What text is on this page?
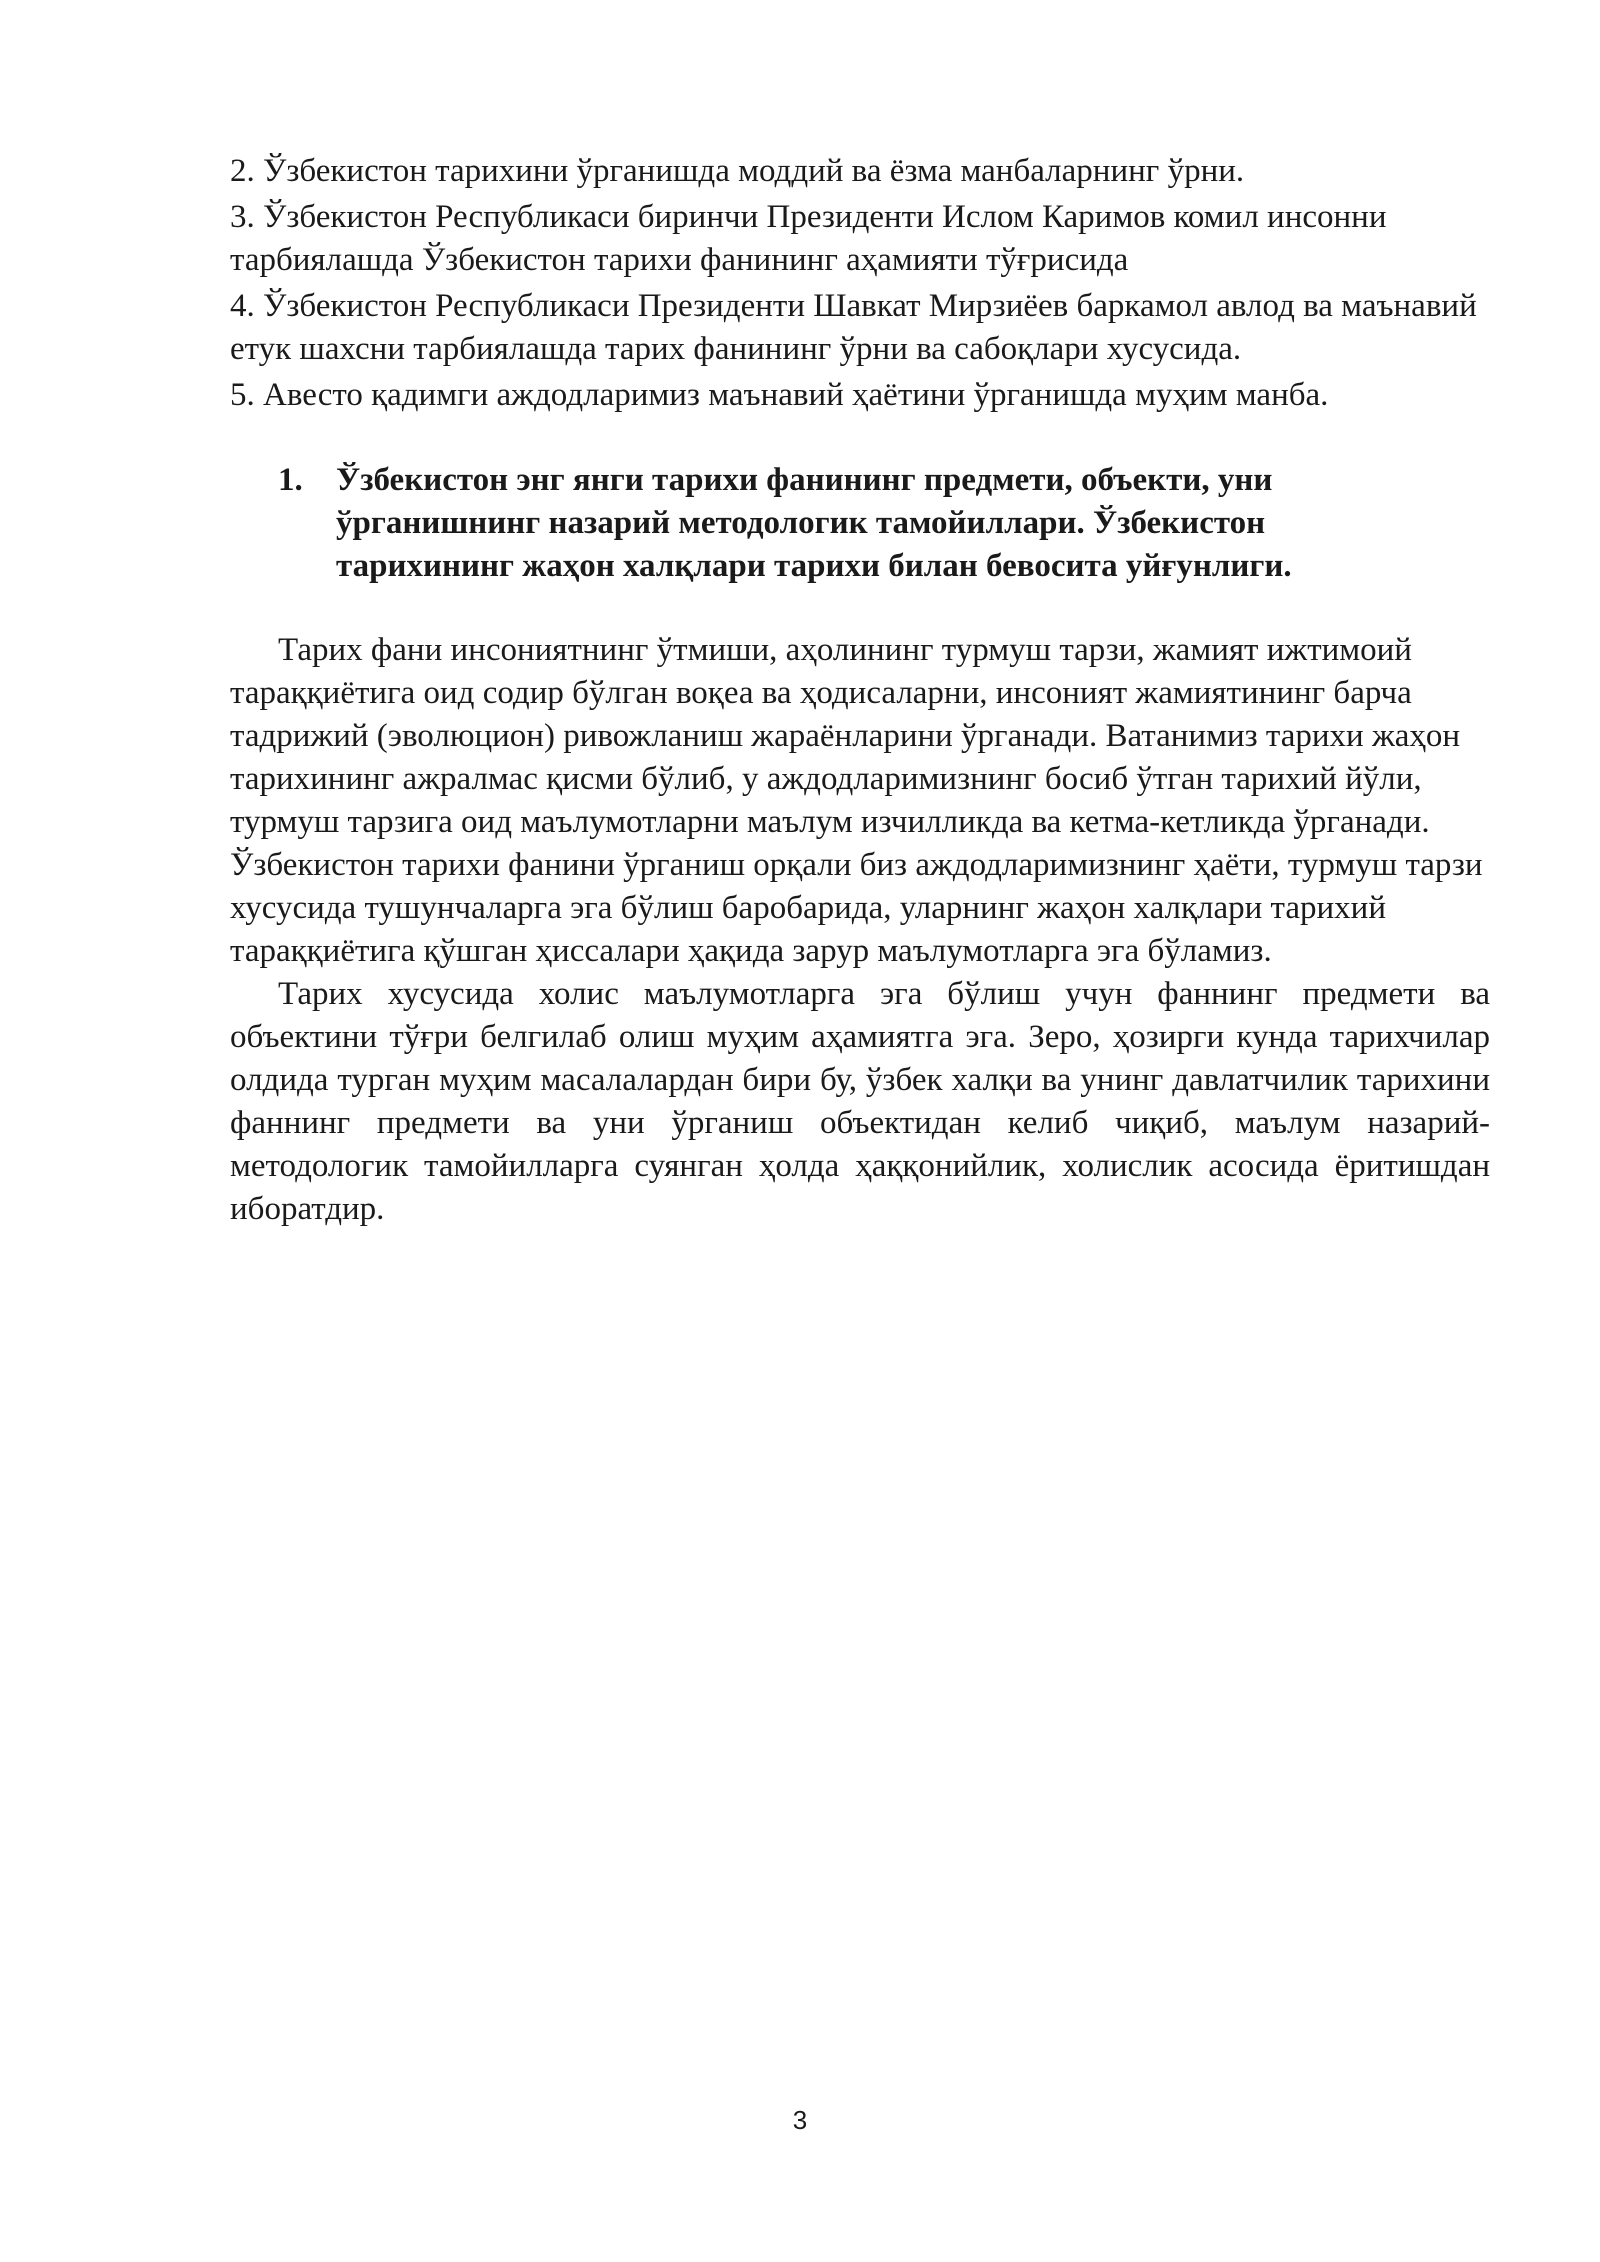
2. Ўзбекистон тарихини ўрганишда моддий ва ёзма манбаларнинг ўрни.
3. Ўзбекистон Республикаси биринчи Президенти Ислом Каримов комил инсонни тарбиялашда Ўзбекистон тарихи фанининг аҳамияти тўғрисида
4. Ўзбекистон Республикаси Президенти Шавкат Мирзиёев баркамол авлод ва маънавий етук шахсни тарбиялашда тарих фанининг ўрни ва сабоқлари хусусида.
5. Авесто қадимги аждодларимиз маънавий ҳаётини ўрганишда муҳим манба.
1.	Ўзбекистон энг янги тарихи фанининг предмети, объекти, уни ўрганишнинг назарий методологик тамойиллари. Ўзбекистон тарихининг жаҳон халқлари тарихи билан бевосита уйғунлиги.

Тарих фани инсониятнинг ўтмиши, аҳолининг турмуш тарзи, жамият ижтимоий тараққиётига оид содир бўлган воқеа ва ҳодисаларни, инсоният жамиятининг барча тадрижий (эволюцион) ривожланиш жараёнларини ўрганади. Ватанимиз тарихи жаҳон тарихининг ажралмас қисми бўлиб, у аждодларимизнинг босиб ўтган тарихий йўли, турмуш тарзига оид маълумотларни маълум изчилликда ва кетма-кетликда ўрганади. Ўзбекистон тарихи фанини ўрганиш орқали биз аждодларимизнинг ҳаёти, турмуш тарзи хусусида тушунчаларга эга бўлиш баробарида, уларнинг жаҳон халқлари тарихий тараққиётига қўшган ҳиссалари ҳақида зарур маълумотларга эга бўламиз.

Тарих хусусида холис маълумотларга эга бўлиш учун фаннинг предмети ва объектини тўғри белгилаб олиш муҳим аҳамиятга эга. Зеро, ҳозирги кунда тарихчилар олдида турган муҳим масалалардан бири бу, ўзбек халқи ва унинг давлатчилик тарихини фаннинг предмети ва уни ўрганиш объектидан келиб чиқиб, маълум назарий-методологик тамойилларга суянган ҳолда ҳаққонийлик, холислик асосида ёритишдан иборатдир.

3
